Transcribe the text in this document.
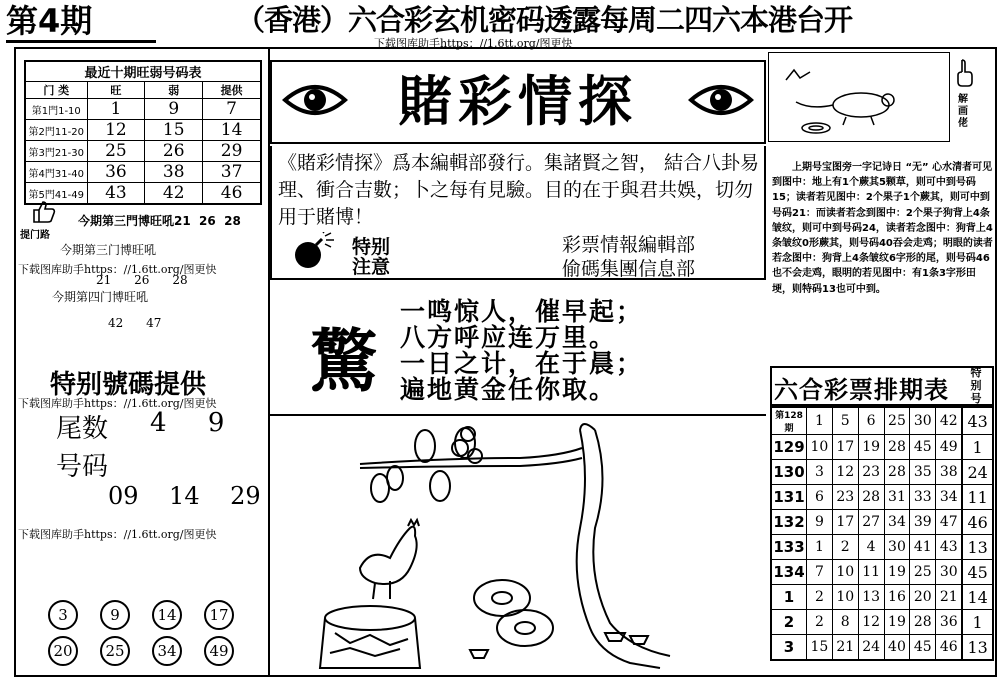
第4期	（香港）六合彩玄机密码透露每周二四六本港台开
下载图库助手https：//1.6tt.org/图更快
最近十期旺弱号码表			
门 类	旺	弱	提供
第1門1-10	1	9	7
第2門11-20	12	15	14
第3門21-30	25	26	29
第4門31-40	36	38	37
第5門41-49	43	42	46
提门路
今期第三門博旺吼21  26  28
今期第三门博旺吼
下载图库助手https：//1.6tt.org/图更快
21      26      28
今期第四门博旺吼
42      47
特别號碼提供
下载图库助手https：//1.6tt.org/图更快
尾数 4     9
号码
09    14    29
下载图库助手https：//1.6tt.org/图更快
3	9	14	17
20	25	34	49
賭彩情探
《賭彩情探》爲本編輯部發行。集諸賢之智， 結合八卦易理、衝合吉數；卜之每有見驗。目的在于與君共娛，切勿用于賭博！
特别
注意
彩票情報編輯部
偷碼集團信息部
驚
一鸣惊人，催早起；
八方呼应连万里。
一日之计，在于晨；
遍地黄金任你取。
解 画 佬
上期号宝图旁一字记诗日 “无” 心水清者可见到图中：地上有1个蕨其5颗草，则可中到号码15；读者若见图中：2个果子1个蕨其，则可中到号码21：而读者若念到图中：2个果子狗背上4条皱纹，则可中到号码24，读者若念图中：狗背上4条皱纹0形蕨其，则号码40吞会走鸡；明眼的读者若念图中：狗背上4条皱纹6字形的尾，则号码46也不会走鸡，眼明的若见图中：有1条3字形田埂，则特码13也可中到。
六合彩票排期表
特别号
第128期	1	5	6	25	30	42	43
129	10	17	19	28	45	49	1
130	3	12	23	28	35	38	24
131	6	23	28	31	33	34	11
132	9	17	27	34	39	47	46
133	1	2	4	30	41	43	13
134	7	10	11	19	25	30	45
1	2	10	13	16	20	21	14
2	2	8	12	19	28	36	1
3	15	21	24	40	45	46	13
